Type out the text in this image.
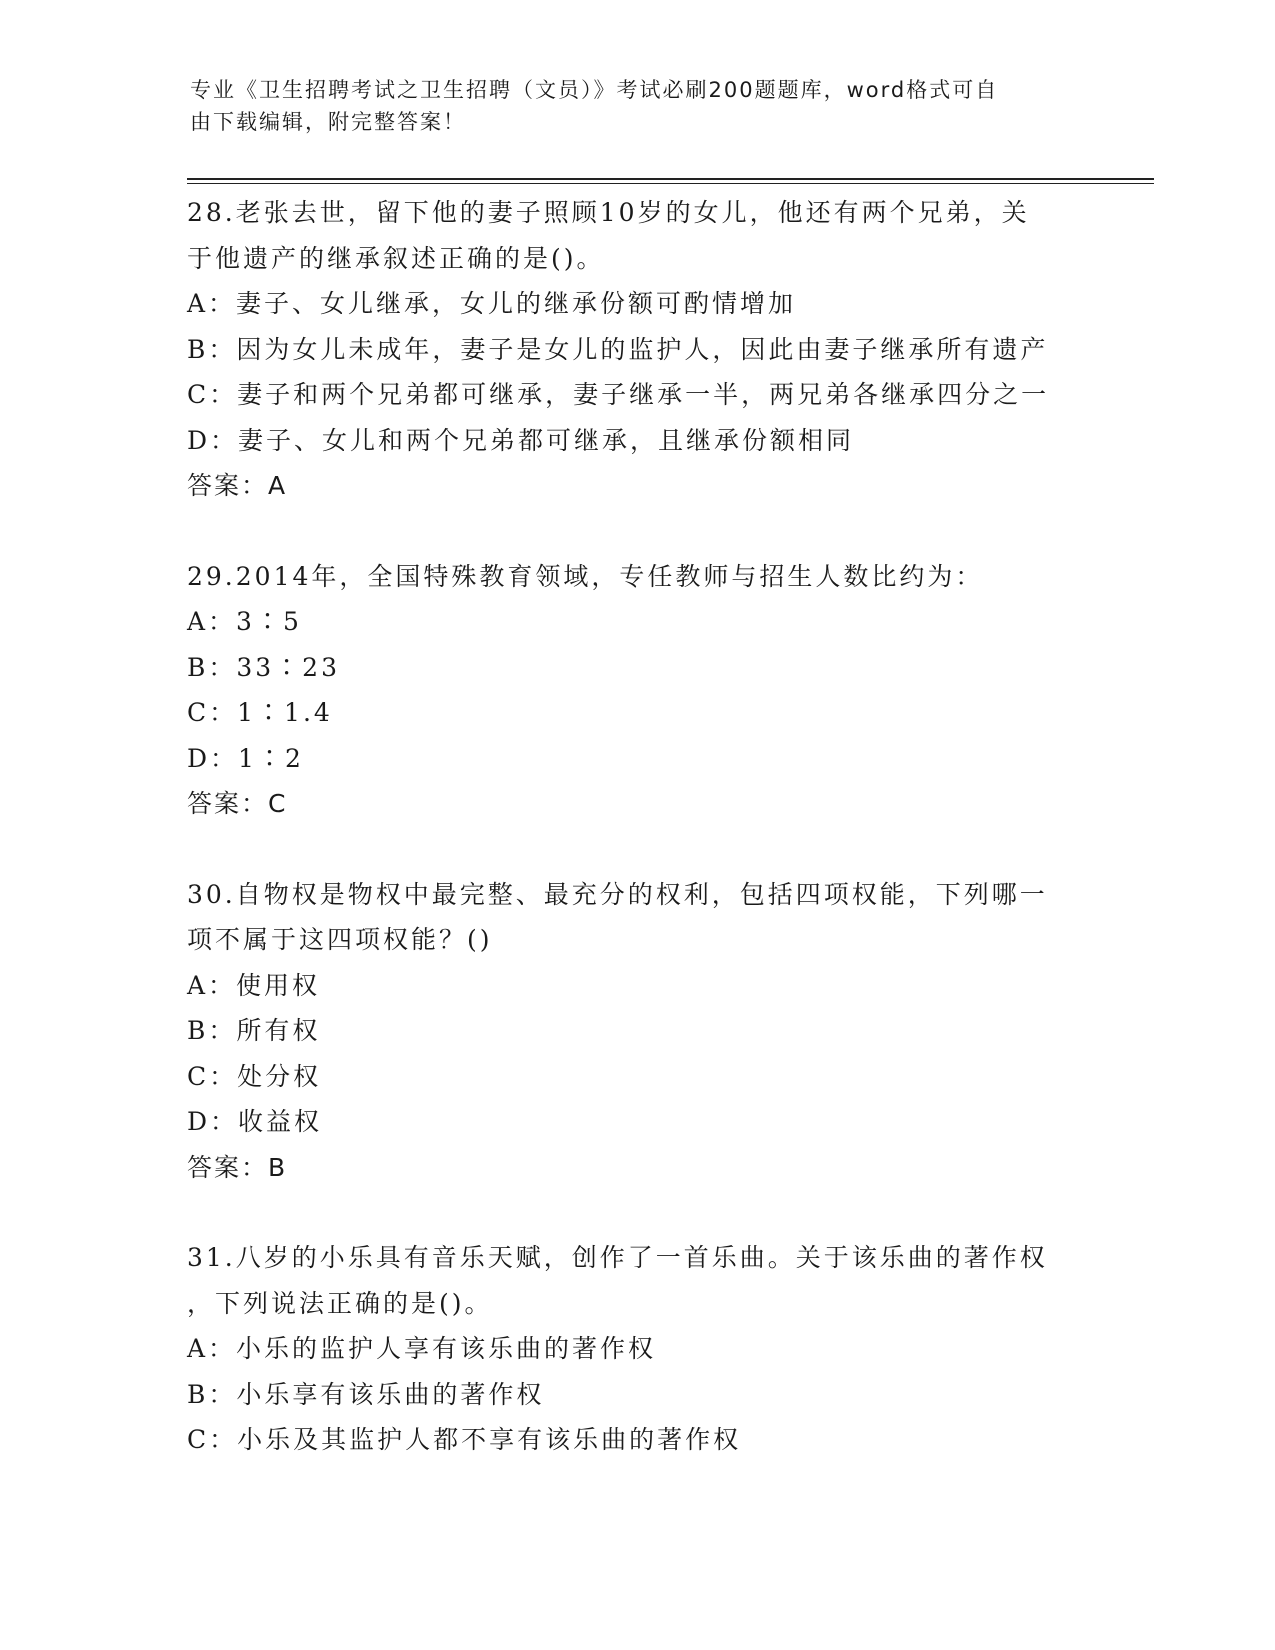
专业《卫生招聘考试之卫生招聘（文员）》考试必刷200题题库，word格式可自
由下载编辑，附完整答案！
28.老张去世，留下他的妻子照顾10岁的女儿，他还有两个兄弟，关
于他遗产的继承叙述正确的是()。
A：妻子、女儿继承，女儿的继承份额可酌情增加
B：因为女儿未成年，妻子是女儿的监护人，因此由妻子继承所有遗产
C：妻子和两个兄弟都可继承，妻子继承一半，两兄弟各继承四分之一
D：妻子、女儿和两个兄弟都可继承，且继承份额相同
答案：A
29.2014年，全国特殊教育领域，专任教师与招生人数比约为：
A：3∶5
B：33∶23
C：1∶1.4
D：1∶2
答案：C
30.自物权是物权中最完整、最充分的权利，包括四项权能，下列哪一
项不属于这四项权能？()
A：使用权
B：所有权
C：处分权
D：收益权
答案：B
31.八岁的小乐具有音乐天赋，创作了一首乐曲。关于该乐曲的著作权
，下列说法正确的是()。
A：小乐的监护人享有该乐曲的著作权
B：小乐享有该乐曲的著作权
C：小乐及其监护人都不享有该乐曲的著作权
